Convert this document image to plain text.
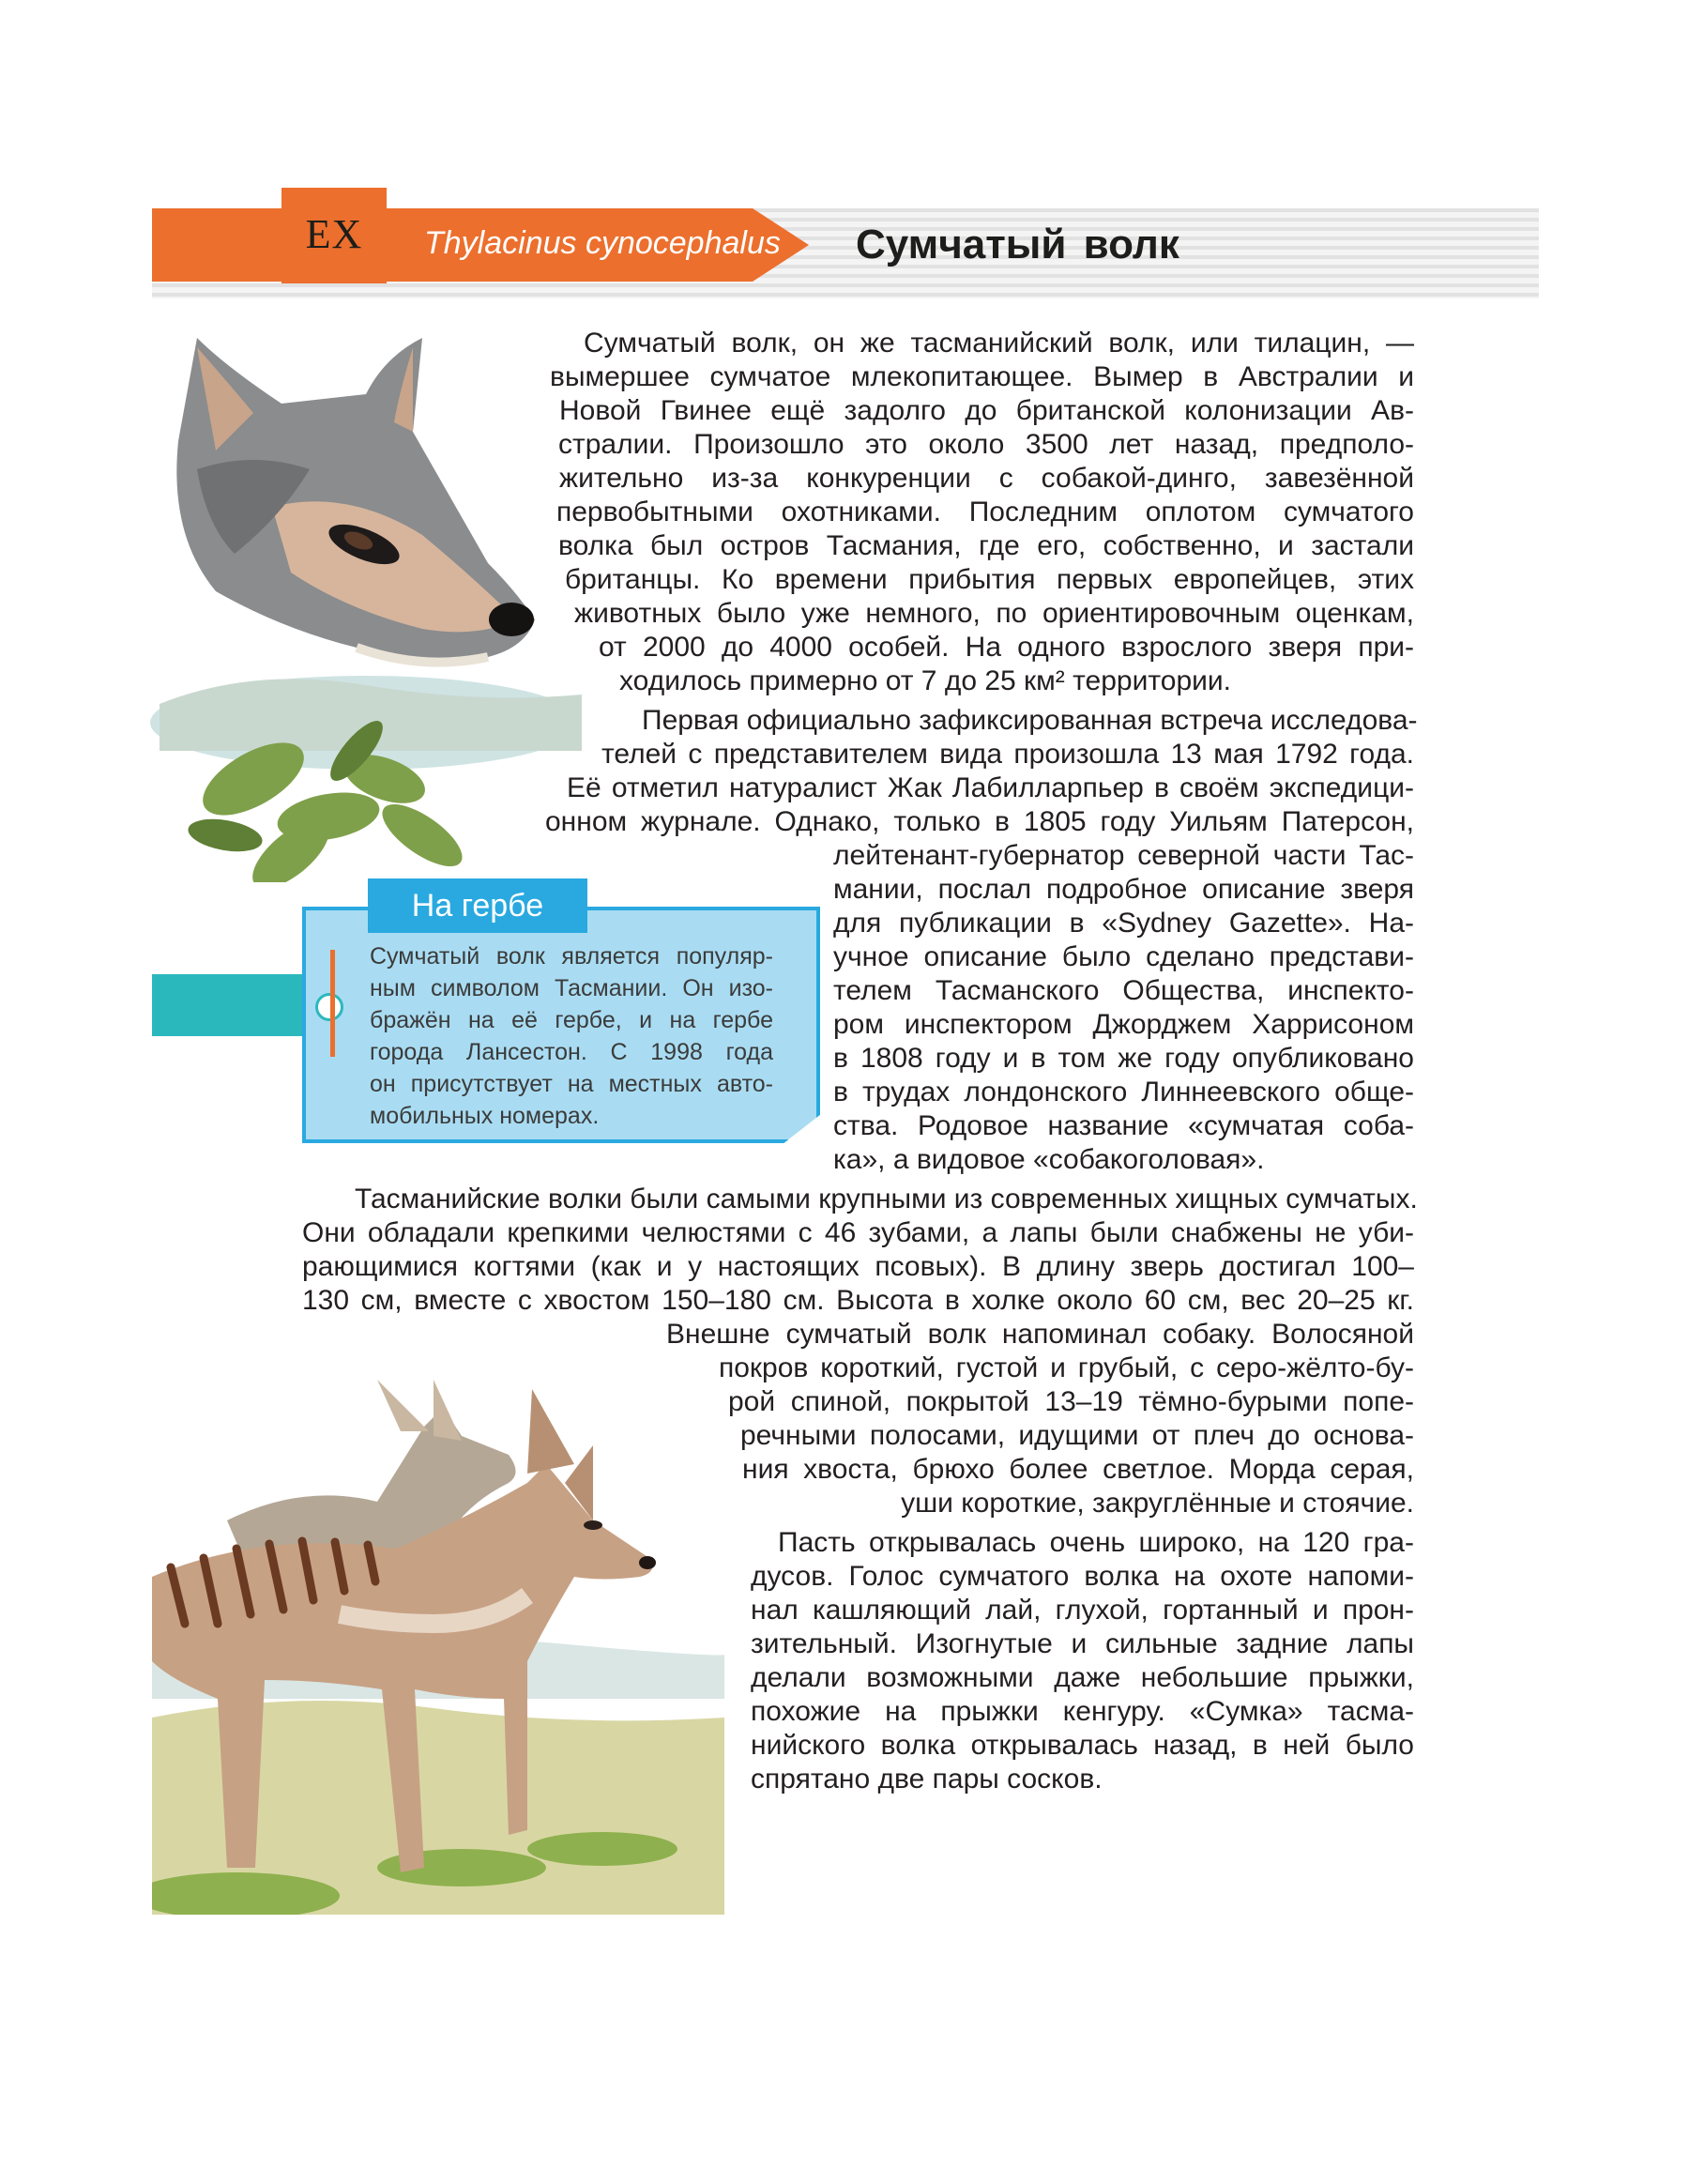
EX	Thylacinus cynocephalus Сумчатый волк
Сумчатый волк, он же тасманийский волк, или тилацин, —
вымершее сумчатое млекопитающее. Вымер в Австралии и
Новой Гвинее ещё задолго до британской колонизации Ав-
стралии. Произошло это около 3500 лет назад, предполо-
жительно из-за конкуренции с собакой-динго, завезённой
первобытными охотниками. Последним оплотом сумчатого
волка был остров Тасмания, где его, собственно, и застали
британцы. Ко времени прибытия первых европейцев, этих
животных было уже немного, по ориентировочным оценкам,
от 2000 до 4000 особей. На одного взрослого зверя при-
ходилось примерно от 7 до 25 км² территории.
Первая официально зафиксированная встреча исследова-
телей с представителем вида произошла 13 мая 1792 года.
Её отметил натуралист Жак Лабилларпьер в своём экспедици-
онном журнале. Однако, только в 1805 году Уильям Патерсон,
лейтенант-губернатор северной части Тас-
мании, послал подробное описание зверя
для публикации в «Sydney Gazette». На-
учное описание было сделано представи-
телем Тасманского Общества, инспекто-
ром инспектором Джорджем Харрисоном
в 1808 году и в том же году опубликовано
в трудах лондонского Линнеевского обще-
ства. Родовое название «сумчатая соба-
ка», а видовое «собакоголовая».
Тасманийские волки были самыми крупными из современных хищных сумчатых.
Они обладали крепкими челюстями с 46 зубами, а лапы были снабжены не уби-
рающимися когтями (как и у настоящих псовых). В длину зверь достигал 100–
130 см, вместе с хвостом 150–180 см. Высота в холке около 60 см, вес 20–25 кг.
Внешне сумчатый волк напоминал собаку. Волосяной
покров короткий, густой и грубый, с серо-жёлто-бу-
рой спиной, покрытой 13–19 тёмно-бурыми попе-
речными полосами, идущими от плеч до основа-
ния хвоста, брюхо более светлое. Морда серая,
уши короткие, закруглённые и стоячие.
Пасть открывалась очень широко, на 120 гра-
дусов. Голос сумчатого волка на охоте напоми-
нал кашляющий лай, глухой, гортанный и прон-
зительный. Изогнутые и сильные задние лапы
делали возможными даже небольшие прыжки,
похожие на прыжки кенгуру. «Сумка» тасма-
нийского волка открывалась назад, в ней было
спрятано две пары сосков.
На гербе
Сумчатый волк является популяр-
ным символом Тасмании. Он изо-
бражён на её гербе, и на гербе
города Лансестон. С 1998 года
он присутствует на местных авто-
мобильных номерах.
